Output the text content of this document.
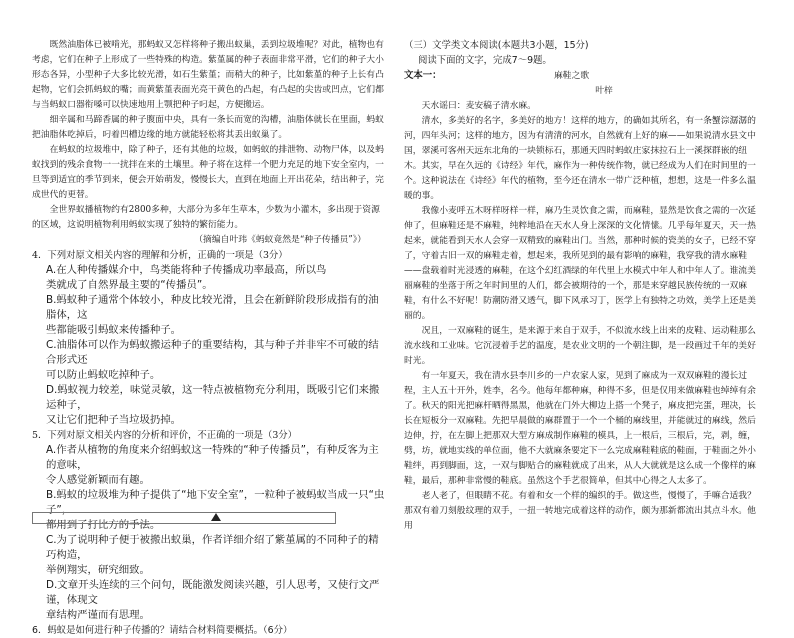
既然油脂体已被啃光，那蚂蚁又怎样将种子搬出蚁巢，丢到垃圾堆呢？对此，植物也有考虑，它们在种子上形成了一些特殊的构造。紫堇属的种子表面非常平滑，它们的种子大小形态各异，小型种子大多比较光滑，如石生紫堇；而稍大的种子，比如紫堇的种子上长有凸起物，它们会抓蚂蚁的嘴；而黄紫堇表面光亮干黄色的凸起，有凸起的尖齿或凹点，它们都与当蚂蚁口器衔嗓可以快速地用上颚把种子叼起，方便搬运。

细辛属和马蹄香属的种子腹面中央，具有一条长而宽的沟槽，油脂体就长在里面，蚂蚁把油脂体吃掉后，叼着凹槽边缘的地方就能轻松将其丢出蚁巢了。

在蚂蚁的垃圾堆中，除了种子，还有其他的垃圾，如蚂蚁的排泄物、动物尸体，以及蚂蚁找到的残余食物一一扰拌在来的土壤里。种子将在这样一个肥力充足的地下安全室内，一旦等到适宜的季节到来，便会开始萌发，慢慢长大，直到在地面上开出花朵，结出种子，完成世代的更替。

全世界蚁播植物约有2800多种，大部分为多年生草本，少数为小灌木，多出现于资源的区域，这说明植物利用蚂蚁实现了独特的繁衍能力。

（摘编自叶玮《蚂蚁竟然是“种子传播员”》）

4．下列对原文相关内容的理解和分析，正确的一项是（3分）

A.在人种传播媒介中，鸟类能将种子传播成功率最高，所以鸟
类就成了自然界最主要的“传播员”。
B.蚂蚁种子通常个体较小，种皮比较光滑，且会在新鲜阶段形成指有的油脂体，这
些都能吸引蚂蚁来传播种子。
C.油脂体可以作为蚂蚁搬运种子的重要结构，其与种子并非牢不可破的结合形式还
可以防止蚂蚁吃掉种子。
D.蚂蚁视力较差，味觉灵敏，这一特点被植物充分利用，既吸引它们来搬运种子，
又让它们把种子当垃圾扔掉。

5．下列对原文相关内容的分析和评价，不正确的一项是（3分）

A.作者从植物的角度来介绍蚂蚁这一特殊的“种子传播员”，有种反客为主的意味，
令人感觉新颖而有趣。
B.蚂蚁的垃圾堆为种子提供了“地下安全室”，一粒种子被蚂蚁当成一只“虫子”，
都用到了打比方的手法。
C.为了说明种子便于被搬出蚁巢，作者详细介绍了紫堇属的不同种子的精巧构造，
举例翔实，研究细致。
D.文章开头连续的三个问句，既能激发阅读兴趣，引人思考，又使行文严谨，体现文
章结构严谨而有思理。

6．蚂蚁是如何进行种子传播的？请结合材料简要概括。（6分）

（三）文学类文本阅读(本题共3小题，15分)

阅读下面的文字，完成7～9题。

文本一：	麻鞋之歌

叶梓

天水谣曰：麦安稿子清水麻。

清水，多美好的名字，多美好的地方！这样的地方，的确如其所名，有一条蟹淙潺潺的河，四年头河；这样的地方，因为有清清的河水，自然就有上好的麻——如果说清水县文中国，翠溪可客州天远东北角的一块锁标石，那通天四时蚂蚁庄家抹拉石上一溪探群嵌的纽木。其实，早在久远的《诗经》年代，麻作为一种传统作物，就已经成为人们在时间里的一个。这种说法在《诗经》年代的植物，至今还在清水一带广泛种植，想想，这是一件多么温暖的事。

我像小麦呼五木呀样呀样一样，麻乃生灵饮食之需，而麻鞋，显然是饮食之需的一次延伸了，但麻鞋还是不麻鞋，纯粹地沿在天水人身上深深的文化情愫。几乎每年夏天，天一热起来，就能看到天水人会穿一双精致的麻鞋出门。当然，那种时候的瓷美的女子，已经不穿了，守着古旧一双的麻鞋走着，想起来，我所见到的最有影响的麻鞋，我穿我的清水麻鞋——盘载着时光浸透的麻鞋，在这个幻红酒绿的年代里上水模式中年人和中年人了。谁流美丽麻鞋的坐落于所之年时间里的人们，都会被期待的一个，那是来穿越民族传统的一双麻鞋，有什么不好呢！防潮防滑又透气，脚下风承习丁，医学上有独特之功效，美学上还是美丽的。

况且，一双麻鞋的诞生，是来源于来自于双手，不似流水线上出来的皮鞋、运动鞋那么流水线和工业味。它沉浸着手艺的温度，是农业文明的一个朝注脚，是一段画过千年的美好时光。

有一年夏天，我在清水县李川乡的一户农家人家，见到了麻成为一双双麻鞋的漫长过程，主人五十开外，姓李，名今。他每年都种麻，种得不多，但是仅用来做麻鞋也绰绰有余了。秋天的阳光把麻杆晒得黑黑，他就在门外大柳边上搭一个凳子，麻皮把完蛋，理决，长长在短板分一双麻鞋。先把早晨做的麻群置于一个一个桶的麻线里，并能就过的麻线，然后边伸，拧，在左脚上把那双大型方麻成制作麻鞋的模具，上一根后，三根后，完，剥，缠，劈，坊，就地实线的单位面，他不大就麻条要定下一么完成麻鞋鞋底的鞋面，于鞋面之外小鞋绊，再到脚面，这，一双与脚贴合的麻鞋就成了出来，从人大就就是这么成一个像样的麻鞋，最后，那种非常慢的鞋底。虽然这个手艺很简单，但其中心得之人太多了。

老人老了，但眼睛不花。有着和女一个样的编织的手。做这些，慢慢了，手嘛合适我？那双有着刀刻般纹理的双手，一扭一转地完成着这样的动作，颇为那新都流出其点斗水。他用
